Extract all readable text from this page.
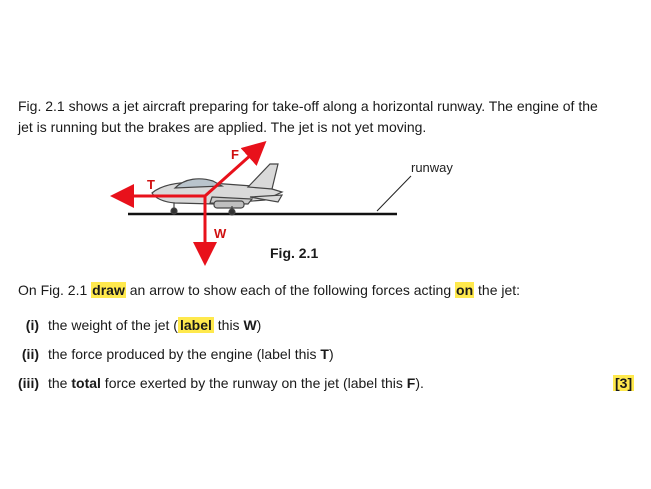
Fig. 2.1 shows a jet aircraft preparing for take-off along a horizontal runway. The engine of the
jet is running but the brakes are applied. The jet is not yet moving.

runway
F
T
W
Fig. 2.1
On Fig. 2.1 draw an arrow to show each of the following forces acting on the jet:
(i) the weight of the jet ( label this W)
(ii) the force produced by the engine (label this T)
(iii) the total force exerted by the runway on the jet (label this F).	[3]
